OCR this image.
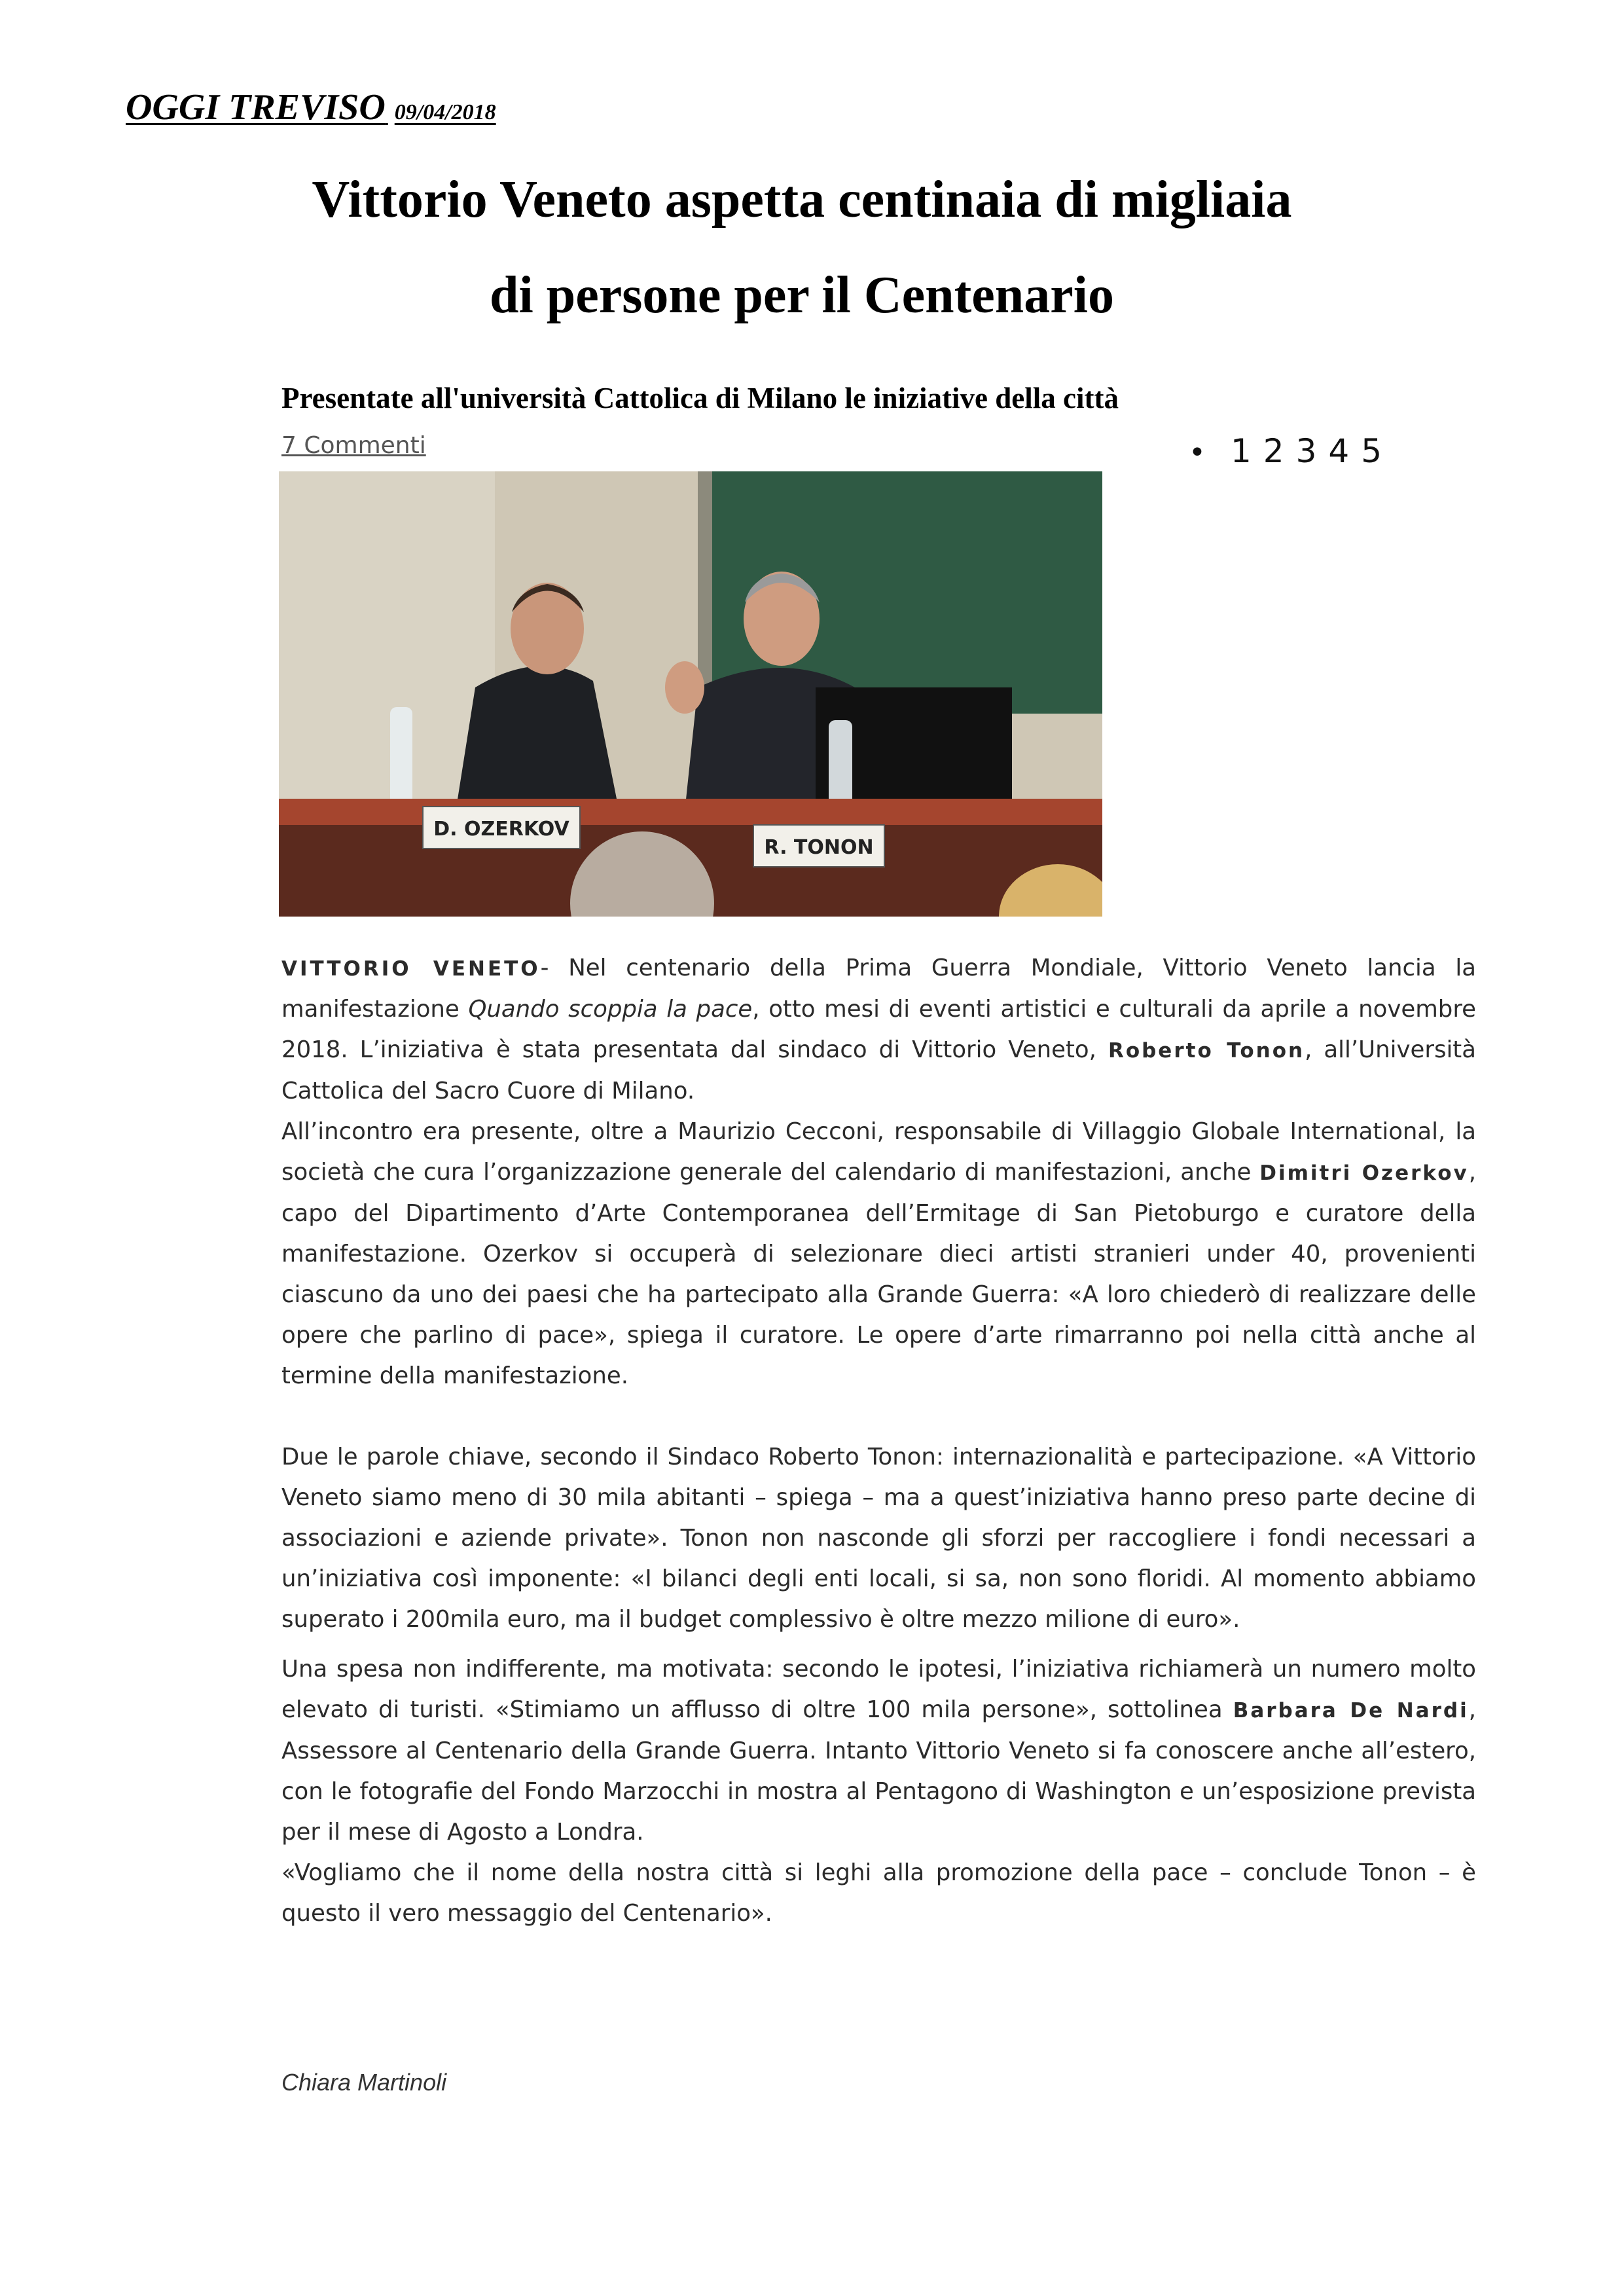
OGGI TREVISO 09/04/2018
Vittorio Veneto aspetta centinaia di migliaia
di persone per il Centenario
Presentate all'università Cattolica di Milano le iniziative della città
7 Commenti	• 1 2 3 4 5
D. OZERKOV
R. TONON

VITTORIO VENETO- Nel centenario della Prima Guerra Mondiale, Vittorio Veneto lancia la manifestazione Quando scoppia la pace, otto mesi di eventi artistici e culturali da aprile a novembre 2018. L’iniziativa è stata presentata dal sindaco di Vittorio Veneto, Roberto Tonon, all’Università Cattolica del Sacro Cuore di Milano.

All’incontro era presente, oltre a Maurizio Cecconi, responsabile di Villaggio Globale International, la società che cura l’organizzazione generale del calendario di manifestazioni, anche Dimitri Ozerkov, capo del Dipartimento d’Arte Contemporanea dell’Ermitage di San Pietoburgo e curatore della manifestazione. Ozerkov si occuperà di selezionare dieci artisti stranieri under 40, provenienti ciascuno da uno dei paesi che ha partecipato alla Grande Guerra: «A loro chiederò di realizzare delle opere che parlino di pace», spiega il curatore. Le opere d’arte rimarranno poi nella città anche al termine della manifestazione.

Due le parole chiave, secondo il Sindaco Roberto Tonon: internazionalità e partecipazione. «A Vittorio Veneto siamo meno di 30 mila abitanti – spiega – ma a quest’iniziativa hanno preso parte decine di associazioni e aziende private». Tonon non nasconde gli sforzi per raccogliere i fondi necessari a un’iniziativa così imponente: «I bilanci degli enti locali, si sa, non sono floridi. Al momento abbiamo superato i 200mila euro, ma il budget complessivo è oltre mezzo milione di euro».

Una spesa non indifferente, ma motivata: secondo le ipotesi, l’iniziativa richiamerà un numero molto elevato di turisti. «Stimiamo un afflusso di oltre 100 mila persone», sottolinea Barbara De Nardi, Assessore al Centenario della Grande Guerra. Intanto Vittorio Veneto si fa conoscere anche all’estero, con le fotografie del Fondo Marzocchi in mostra al Pentagono di Washington e un’esposizione prevista per il mese di Agosto a Londra.

«Vogliamo che il nome della nostra città si leghi alla promozione della pace – conclude Tonon – è questo il vero messaggio del Centenario».

Chiara Martinoli
